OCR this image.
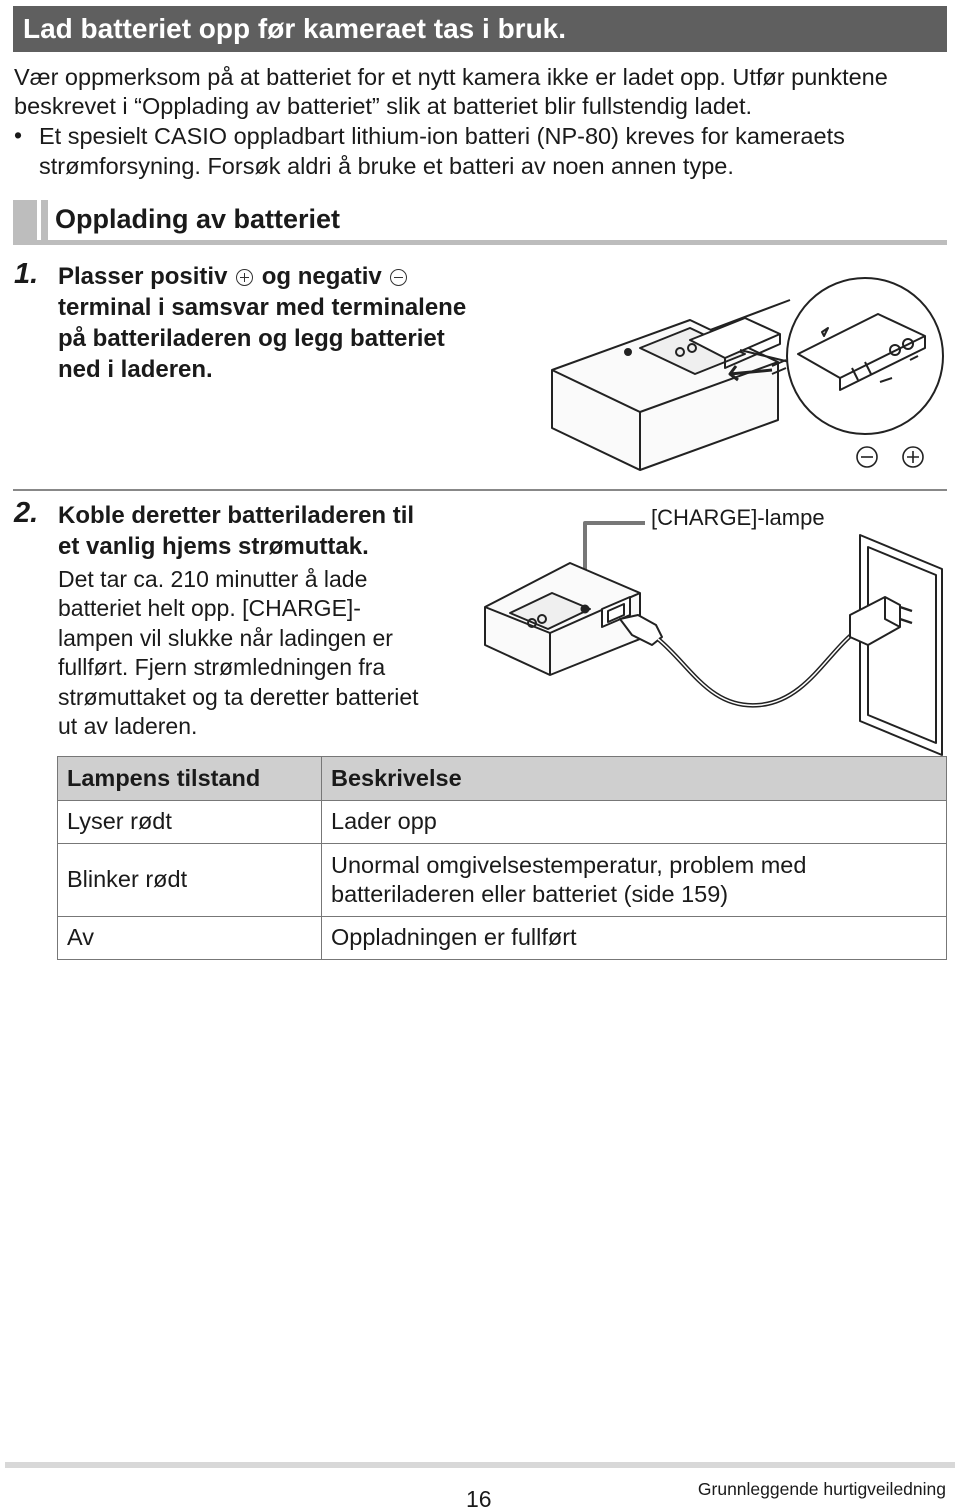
Lad batteriet opp før kameraet tas i bruk.
Vær oppmerksom på at batteriet for et nytt kamera ikke er ladet opp. Utfør punktene
beskrevet i “Opplading av batteriet” slik at batteriet blir fullstendig ladet.
• Et spesielt CASIO oppladbart lithium-ion batteri (NP-80) kreves for kameraets
strømforsyning. Forsøk aldri å bruke et batteri av noen annen type.
Opplading av batteriet
1. Plasser positiv og negativ
terminal i samsvar med terminalene
på batteriladeren og legg batteriet
ned i laderen.
2. Koble deretter batteriladeren til
et vanlig hjems strømuttak.
Det tar ca. 210 minutter å lade
batteriet helt opp. [CHARGE]-
lampen vil slukke når ladingen er
fullført. Fjern strømledningen fra
strømuttaket og ta deretter batteriet
ut av laderen.
[CHARGE]-lampe
Lampens tilstand	Beskrivelse
Lyser rødt	Lader opp
Blinker rødt	Unormal omgivelsestemperatur, problem med
batteriladeren eller batteriet (side 159)

Av	Oppladningen er fullført
16	Grunnleggende hurtigveiledning
